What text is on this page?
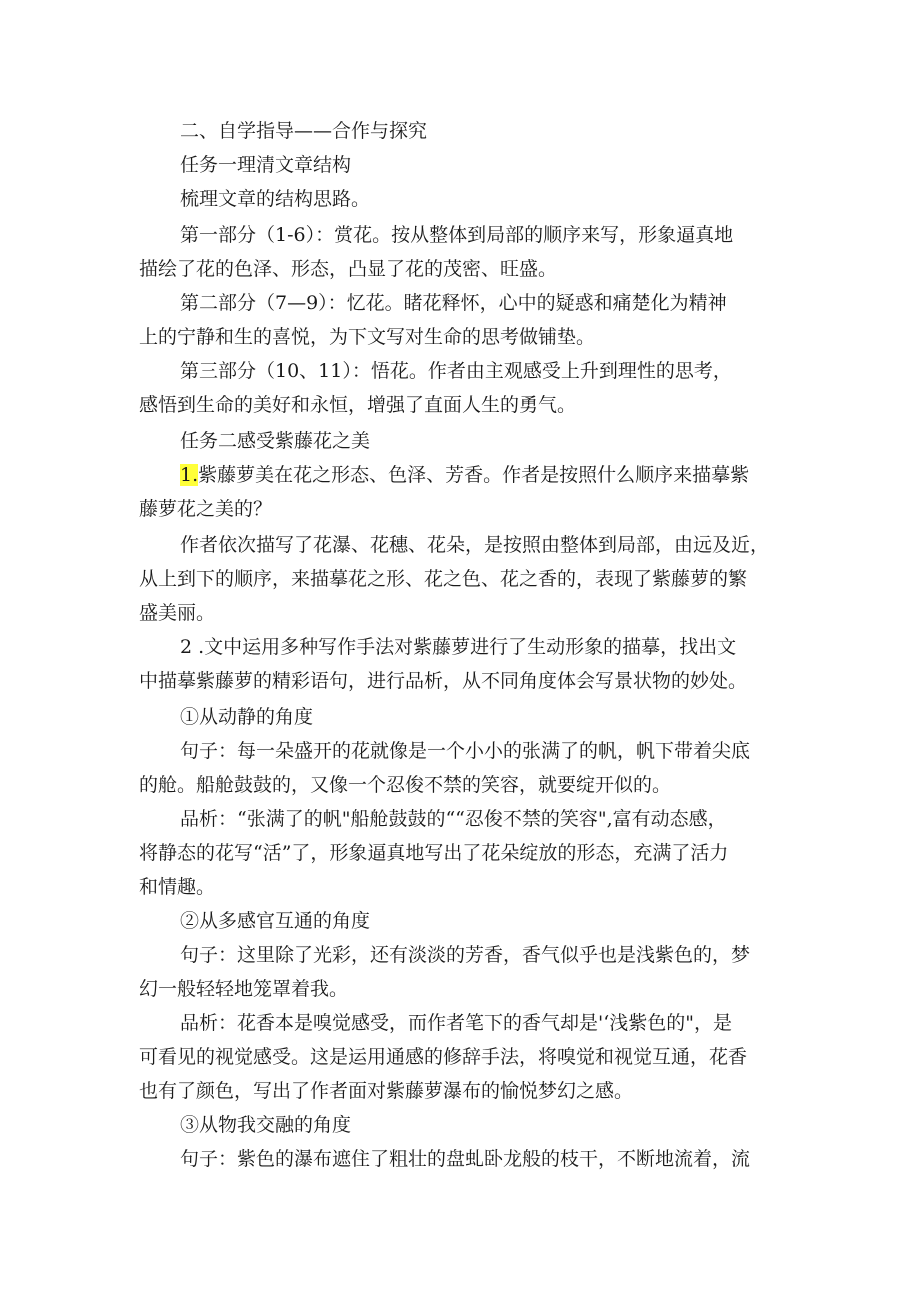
二、自学指导——合作与探究
任务一理清文章结构
梳理文章的结构思路。
第一部分（1-6）：赏花。按从整体到局部的顺序来写，形象逼真地
描绘了花的色泽、形态，凸显了花的茂密、旺盛。
第二部分（7—9）：忆花。睹花释怀，心中的疑惑和痛楚化为精神
上的宁静和生的喜悦，为下文写对生命的思考做铺垫。
第三部分（10、11）：悟花。作者由主观感受上升到理性的思考，
感悟到生命的美好和永恒，增强了直面人生的勇气。
任务二感受紫藤花之美
1.紫藤萝美在花之形态、色泽、芳香。作者是按照什么顺序来描摹紫
藤萝花之美的？
作者依次描写了花瀑、花穗、花朵，是按照由整体到局部，由远及近，
从上到下的顺序，来描摹花之形、花之色、花之香的，表现了紫藤萝的繁
盛美丽。
2 .文中运用多种写作手法对紫藤萝进行了生动形象的描摹，找出文
中描摹紫藤萝的精彩语句，进行品析，从不同角度体会写景状物的妙处。
①从动静的角度
句子：每一朵盛开的花就像是一个小小的张满了的帆，帆下带着尖底
的舱。船舱鼓鼓的，又像一个忍俊不禁的笑容，就要绽开似的。
品析：“张满了的帆"船舱鼓鼓的““忍俊不禁的笑容",富有动态感，
将静态的花写“活”了，形象逼真地写出了花朵绽放的形态，充满了活力
和情趣。
②从多感官互通的角度
句子：这里除了光彩，还有淡淡的芳香，香气似乎也是浅紫色的，梦
幻一般轻轻地笼罩着我。
品析：花香本是嗅觉感受，而作者笔下的香气却是'‘浅紫色的"，是
可看见的视觉感受。这是运用通感的修辞手法，将嗅觉和视觉互通，花香
也有了颜色，写出了作者面对紫藤萝瀑布的愉悦梦幻之感。
③从物我交融的角度
句子：紫色的瀑布遮住了粗壮的盘虬卧龙般的枝干，不断地流着，流
